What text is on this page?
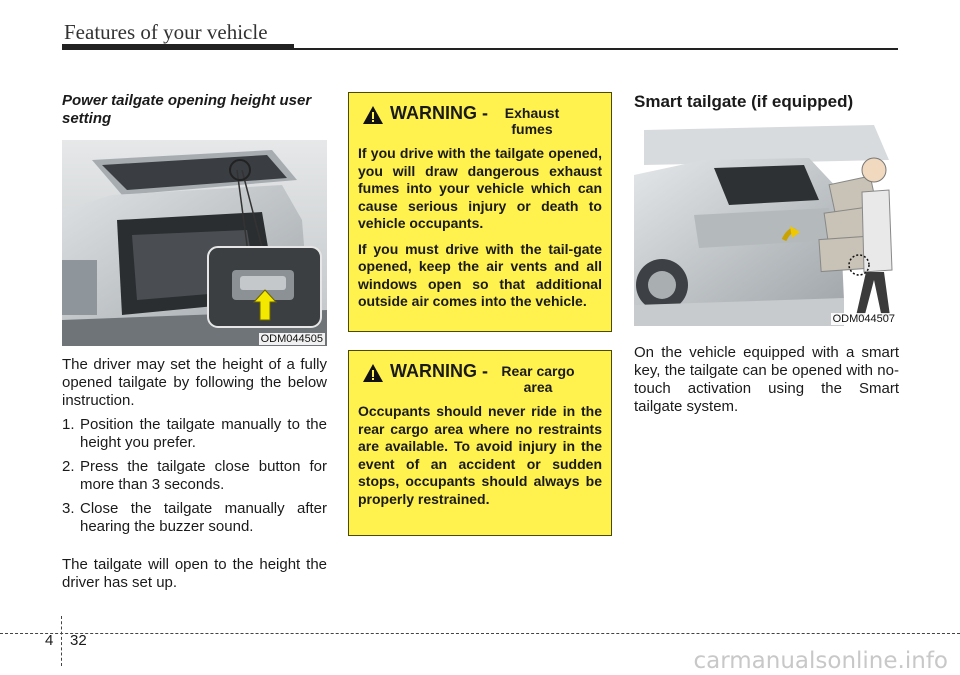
Features of your vehicle
Power tailgate opening height user setting
ODM044505

The driver may set the height of a fully opened tailgate by following the below instruction.

1. Position the tailgate manually to the height you prefer.
2. Press the tailgate close button for more than 3 seconds.
3. Close the tailgate manually after hearing the buzzer sound.

The tailgate will open to the height the driver has set up.

WARNING -	Exhaust fumes

If you drive with the tailgate opened, you will draw dangerous exhaust fumes into your vehicle which can cause serious injury or death to vehicle occupants.

If you must drive with the tail-gate opened, keep the air vents and all windows open so that additional outside air comes into the vehicle.

WARNING - Rear cargo area

Occupants should never ride in the rear cargo area where no restraints are available. To avoid injury in the event of an accident or sudden stops, occupants should always be properly restrained.

Smart tailgate (if equipped)
ODM044507

On the vehicle equipped with a smart key, the tailgate can be opened with no-touch activation using the Smart tailgate system.

4 32
carmanualsonline.info
